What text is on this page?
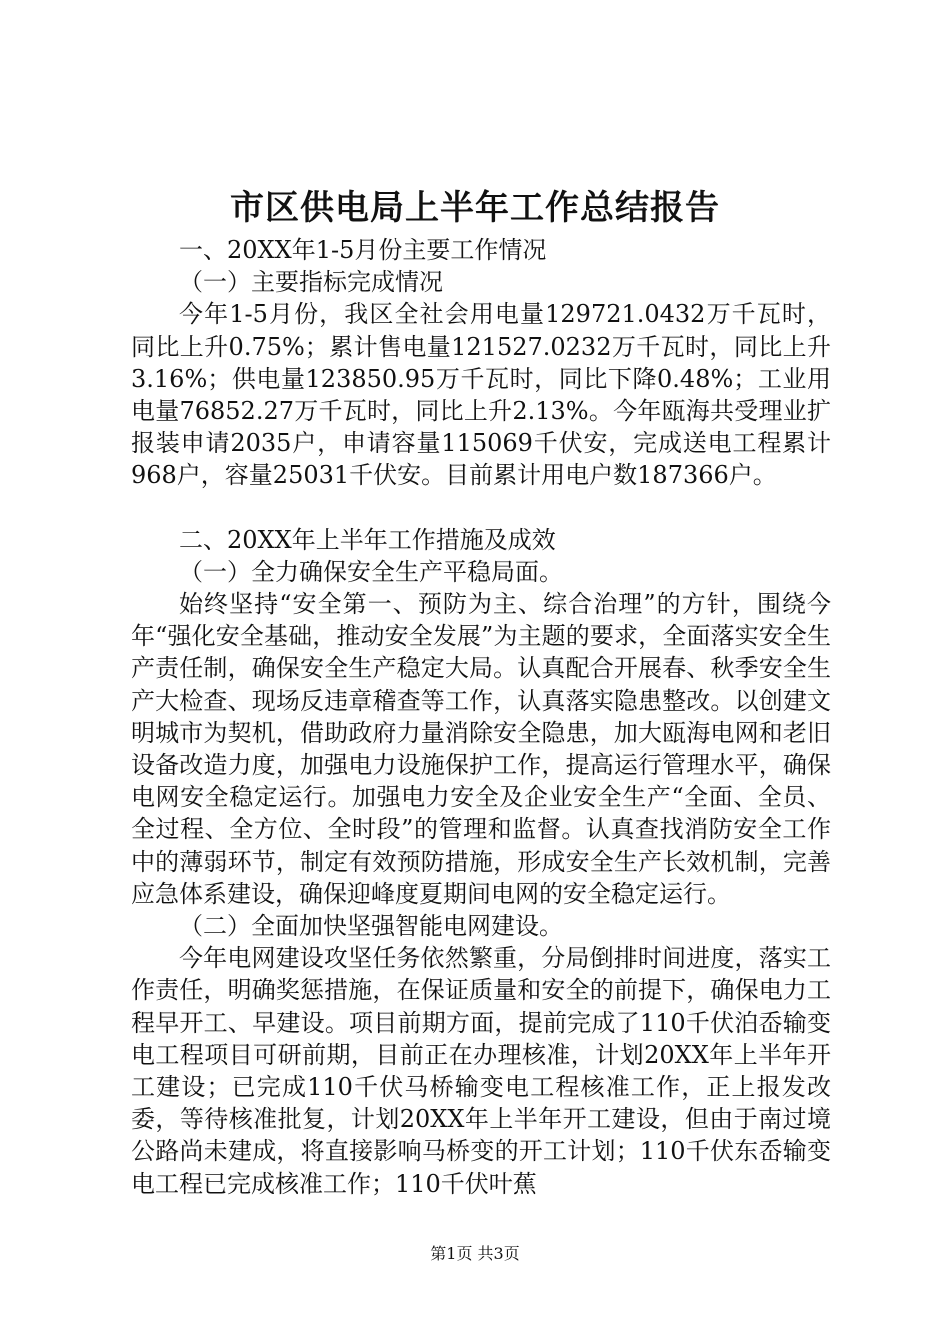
市区供电局上半年工作总结报告

一、20XX年1-5月份主要工作情况

（一）主要指标完成情况

今年1-5月份，我区全社会用电量129721.0432万千瓦时，同比上升0.75%；累计售电量121527.0232万千瓦时，同比上升3.16%；供电量123850.95万千瓦时，同比下降0.48%；工业用电量76852.27万千瓦时，同比上升2.13%。今年瓯海共受理业扩报装申请2035户，申请容量115069千伏安，完成送电工程累计968户，容量25031千伏安。目前累计用电户数187366户。

二、20XX年上半年工作措施及成效

（一）全力确保安全生产平稳局面。

始终坚持“安全第一、预防为主、综合治理”的方针，围绕今年“强化安全基础，推动安全发展”为主题的要求，全面落实安全生产责任制，确保安全生产稳定大局。认真配合开展春、秋季安全生产大检查、现场反违章稽查等工作，认真落实隐患整改。以创建文明城市为契机，借助政府力量消除安全隐患，加大瓯海电网和老旧设备改造力度，加强电力设施保护工作，提高运行管理水平，确保电网安全稳定运行。加强电力安全及企业安全生产“全面、全员、全过程、全方位、全时段”的管理和监督。认真查找消防安全工作中的薄弱环节，制定有效预防措施，形成安全生产长效机制，完善应急体系建设，确保迎峰度夏期间电网的安全稳定运行。

（二）全面加快坚强智能电网建设。

今年电网建设攻坚任务依然繁重，分局倒排时间进度，落实工作责任，明确奖惩措施，在保证质量和安全的前提下，确保电力工程早开工、早建设。项目前期方面，提前完成了110千伏泊岙输变电工程项目可研前期，目前正在办理核准，计划20XX年上半年开工建设；已完成110千伏马桥输变电工程核准工作，正上报发改委，等待核准批复，计划20XX年上半年开工建设，但由于南过境公路尚未建成，将直接影响马桥变的开工计划；110千伏东岙输变电工程已完成核准工作；110千伏叶蕉

第1页 共3页
